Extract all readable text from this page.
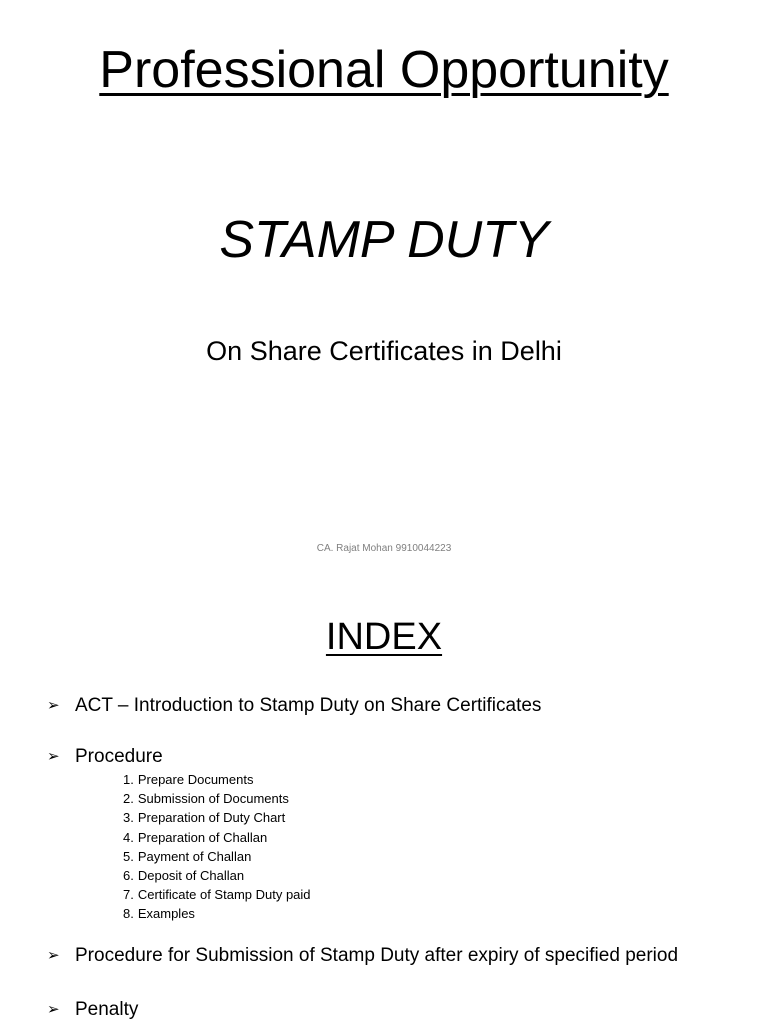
Professional Opportunity
STAMP DUTY

On Share Certificates in Delhi

CA. Rajat Mohan 9910044223
INDEX
➢ ACT – Introduction to Stamp Duty on Share Certificates
➢ Procedure
1. Prepare Documents
2. Submission of Documents
3. Preparation of Duty Chart
4. Preparation of Challan
5. Payment of Challan
6. Deposit of Challan
7. Certificate of Stamp Duty paid
8. Examples
➢ Procedure for Submission of Stamp Duty after expiry of specified period
➢ Penalty
